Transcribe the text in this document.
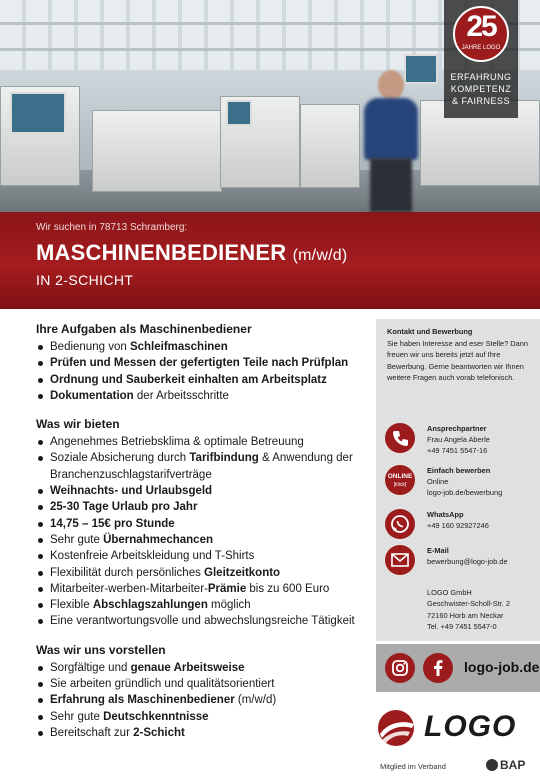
25
JAHRE LOGO
ERFAHRUNG
KOMPETENZ
& FAIRNESS
Wir suchen in 78713 Schramberg:
MASCHINENBEDIENER (m/w/d)
IN 2-SCHICHT
Ihre Aufgaben als Maschinenbediener
Bedienung von Schleifmaschinen
Prüfen und Messen der gefertigten Teile nach Prüfplan
Ordnung und Sauberkeit einhalten am Arbeitsplatz
Dokumentation der Arbeitsschritte
Was wir bieten
Angenehmes Betriebsklima & optimale Betreuung
Soziale Absicherung durch Tarifbindung & Anwendung der Branchenzuschlagstarifverträge
Weihnachts- und Urlaubsgeld
25-30 Tage Urlaub pro Jahr
14,75 – 15€ pro Stunde
Sehr gute Übernahmechancen
Kostenfreie Arbeitskleidung und T-Shirts
Flexibilität durch persönliches Gleitzeitkonto
Mitarbeiter-werben-Mitarbeiter-Prämie bis zu 600 Euro
Flexible Abschlagszahlungen möglich
Eine verantwortungsvolle und abwechslungsreiche Tätigkeit
Was wir uns vorstellen
Sorgfältige und genaue Arbeitsweise
Sie arbeiten gründlich und qualitätsorientiert
Erfahrung als Maschinenbediener (m/w/d)
Sehr gute Deutschkenntnisse
Bereitschaft zur 2-Schicht
Kontakt und Bewerbung
Sie haben Interesse and eser Stelle? Dann freuen wir uns bereits jetzt auf Ihre Bewerbung. Gerne beantworten wir Ihnen weitere Fragen auch vorab telefonisch.
Ansprechpartner
Frau Angela Aberle
+49 7451 5547-16
ONLINE
[klick]
Einfach bewerben
Online
logo-job.de/bewerbung
WhatsApp
+49 160 92927246
E-Mail
bewerbung@logo-job.de
LOGO GmbH
Geschwister-Scholl-Str. 2
72160 Horb am Neckar
Tel. +49 7451 5547-0
logo-job.de
LOGO
Mitglied im Verband	BAP
